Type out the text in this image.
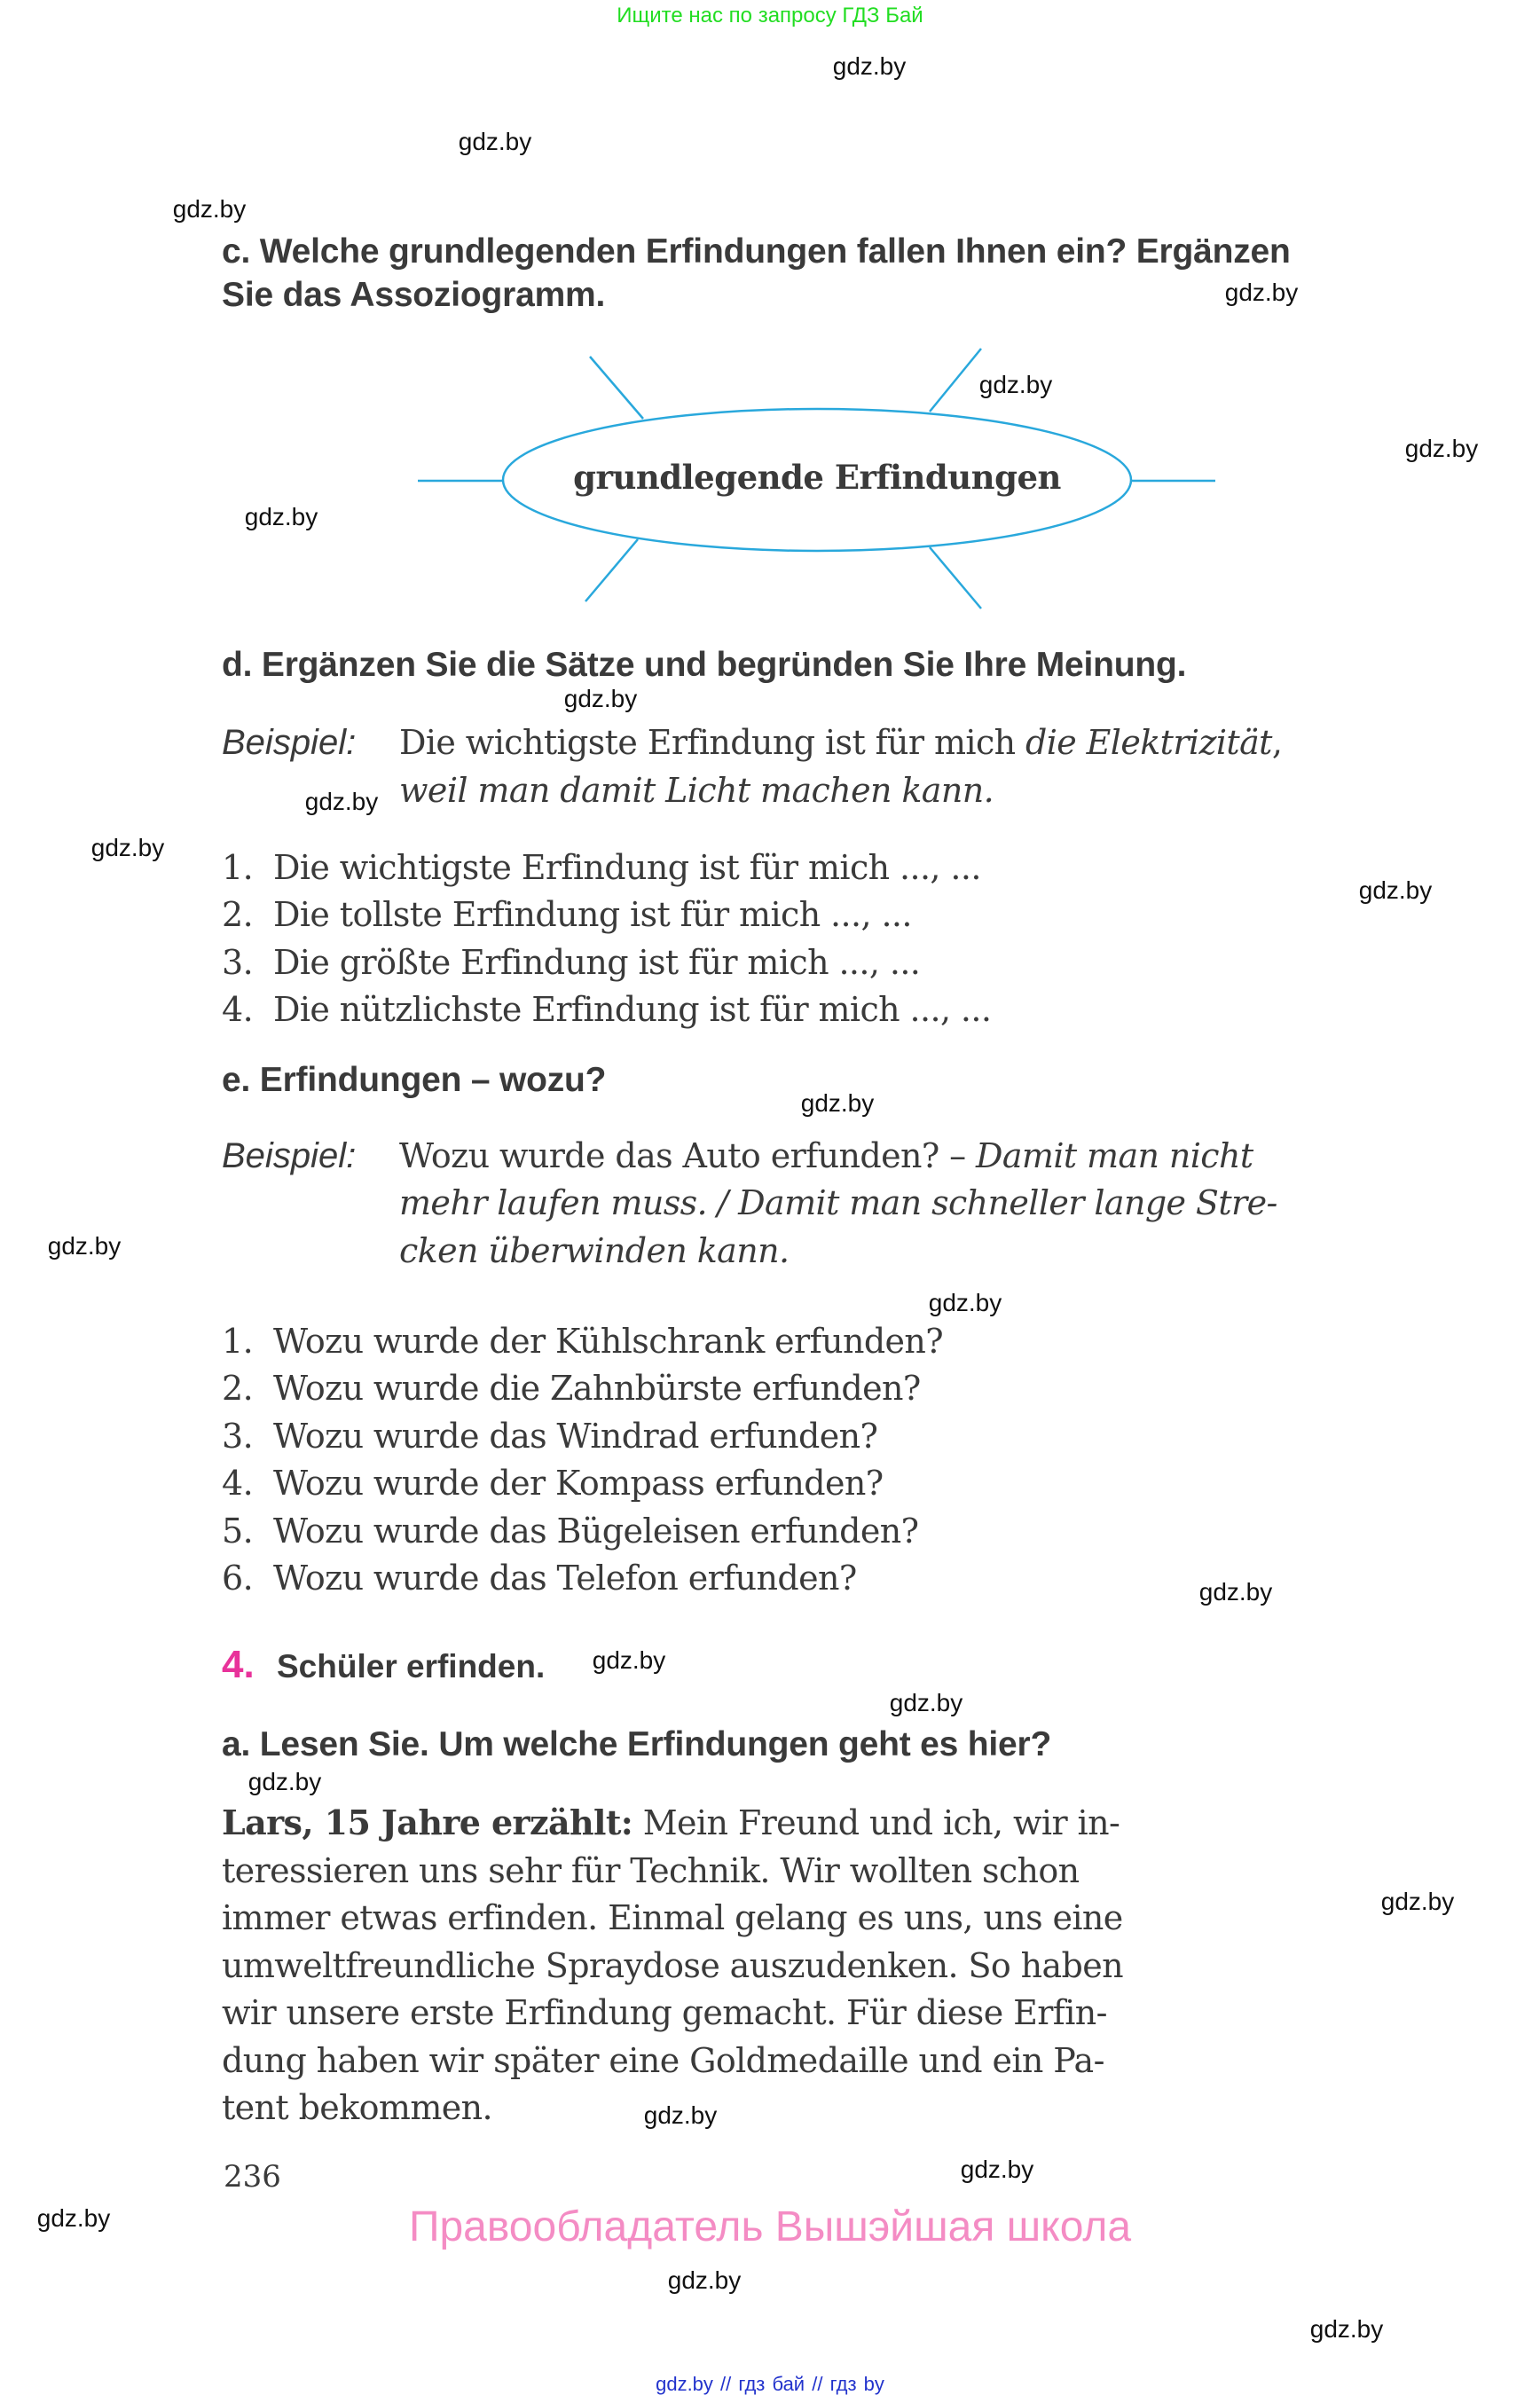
Ищите нас по запросу ГДЗ Бай
gdz.by
gdz.by
gdz.by
gdz.by
gdz.by
gdz.by
gdz.by
gdz.by
gdz.by
gdz.by
gdz.by
gdz.by
gdz.by
gdz.by
gdz.by
gdz.by
gdz.by
gdz.by
gdz.by
gdz.by
gdz.by
gdz.by
gdz.by
gdz.by
c. Welche grundlegenden Erfindungen fallen Ihnen ein? Ergänzen
Sie das Assoziogramm.
grundlegende Erfindungen
d. Ergänzen Sie die Sätze und begründen Sie Ihre Meinung.
Beispiel: Die wichtigste Erfindung ist für mich die Elektrizität,
weil man damit Licht machen kann.
1. Die wichtigste Erfindung ist für mich ..., ...
2. Die tollste Erfindung ist für mich ..., ...
3. Die größte Erfindung ist für mich ..., ...
4. Die nützlichste Erfindung ist für mich ..., ...
e. Erfindungen – wozu?
Beispiel: Wozu wurde das Auto erfunden? – Damit man nicht
mehr laufen muss. / Damit man schneller lange Stre-
cken überwinden kann.
1. Wozu wurde der Kühlschrank erfunden?
2. Wozu wurde die Zahnbürste erfunden?
3. Wozu wurde das Windrad erfunden?
4. Wozu wurde der Kompass erfunden?
5. Wozu wurde das Bügeleisen erfunden?
6. Wozu wurde das Telefon erfunden?
4. Schüler erfinden.
a. Lesen Sie. Um welche Erfindungen geht es hier?
Lars, 15 Jahre erzählt: Mein Freund und ich, wir in-
teressieren uns sehr für Technik. Wir wollten schon
immer etwas erfinden. Einmal gelang es uns, uns eine
umweltfreundliche Spraydose auszudenken. So haben
wir unsere erste Erfindung gemacht. Für diese Erfin-
dung haben wir später eine Goldmedaille und ein Pa-
tent bekommen.
236
Правообладатель Вышэйшая школа
gdz.by // гдз бай // гдз by
